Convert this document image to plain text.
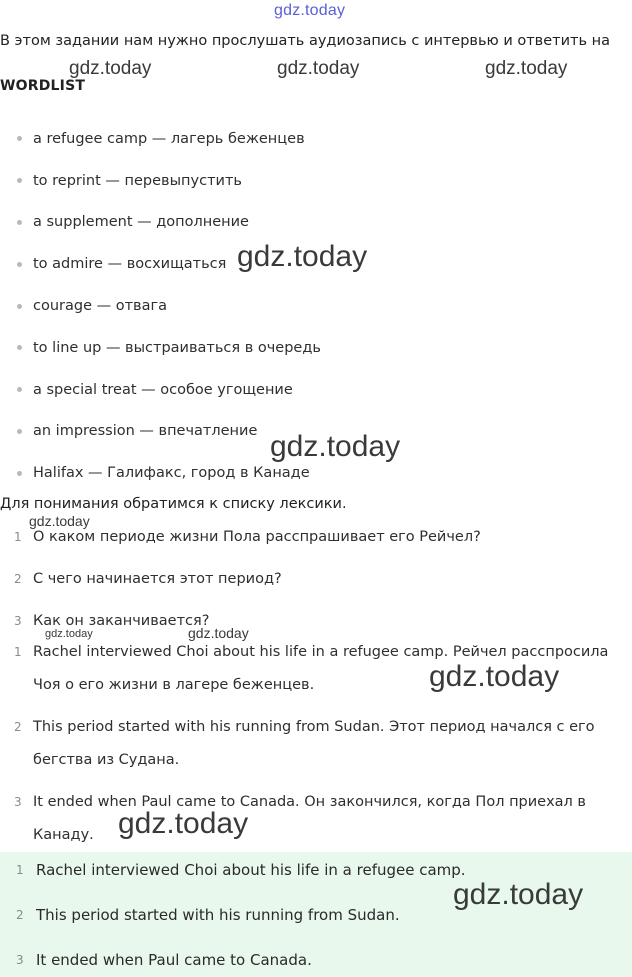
gdz.today
В этом задании нам нужно прослушать аудиозапись с интервью и ответить на
gdz.today	gdz.today	gdz.today
WORDLIST
a refugee camp — лагерь беженцев
to reprint — перевыпустить
a supplement — дополнение
to admire — восхищаться
courage — отвага
to line up — выстраиваться в очередь
a special treat — особое угощение
an impression — впечатление
Halifax — Галифакс, город в Канаде
gdz.today
gdz.today
Для понимания обратимся к списку лексики.
gdz.today
1 О каком периоде жизни Пола расспрашивает его Рейчел?
2 С чего начинается этот период?
3 Как он заканчивается?
gdz.today	gdz.today
1 Rachel interviewed Choi about his life in a refugee camp. Рейчел расспросила Чоя о его жизни в лагере беженцев.
2 This period started with his running from Sudan. Этот период начался с его бегства из Судана.
3 It ended when Paul came to Canada. Он закончился, когда Пол приехал в Канаду.
gdz.today
gdz.today
1 Rachel interviewed Choi about his life in a refugee camp.
2 This period started with his running from Sudan.
3 It ended when Paul came to Canada.
gdz.today
